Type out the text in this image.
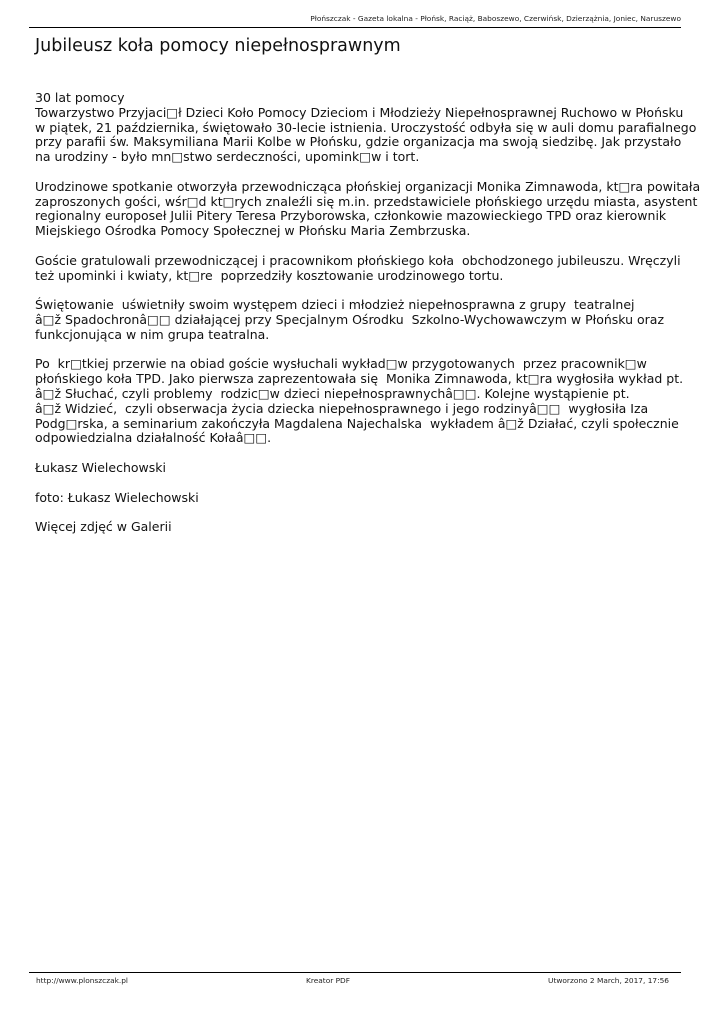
Płońszczak - Gazeta lokalna - Płońsk, Raciąż, Baboszewo, Czerwińsk, Dzierzążnia, Joniec, Naruszewo
Jubileusz koła pomocy niepełnosprawnym

30 lat pomocy
Towarzystwo Przyjaci□ł Dzieci Koło Pomocy Dzieciom i Młodzieży Niepełnosprawnej Ruchowo w Płońsku
w piątek, 21 października, świętowało 30-lecie istnienia. Uroczystość odbyła się w auli domu parafialnego
przy parafii św. Maksymiliana Marii Kolbe w Płońsku, gdzie organizacja ma swoją siedzibę. Jak przystało
na urodziny - było mn□stwo serdeczności, upomink□w i tort.

Urodzinowe spotkanie otworzyła przewodnicząca płońskiej organizacji Monika Zimnawoda, kt□ra powitała
zaproszonych gości, wśr□d kt□rych znaleźli się m.in. przedstawiciele płońskiego urzędu miasta, asystent
regionalny europoseł Julii Pitery Teresa Przyborowska, członkowie mazowieckiego TPD oraz kierownik
Miejskiego Ośrodka Pomocy Społecznej w Płońsku Maria Zembrzuska.

Goście gratulowali przewodniczącej i pracownikom płońskiego koła  obchodzonego jubileuszu. Wręczyli
też upominki i kwiaty, kt□re  poprzedziły kosztowanie urodzinowego tortu.

Świętowanie  uświetniły swoim występem dzieci i młodzież niepełnosprawna z grupy  teatralnej
â□ž Spadochronâ□□ działającej przy Specjalnym Ośrodku  Szkolno-Wychowawczym w Płońsku oraz
funkcjonująca w nim grupa teatralna.

Po  kr□tkiej przerwie na obiad goście wysłuchali wykład□w przygotowanych  przez pracownik□w
płońskiego koła TPD. Jako pierwsza zaprezentowała się  Monika Zimnawoda, kt□ra wygłosiła wykład pt.
â□ž Słuchać, czyli problemy  rodzic□w dzieci niepełnosprawnychâ□□. Kolejne wystąpienie pt.
â□ž Widzieć,  czyli obserwacja życia dziecka niepełnosprawnego i jego rodzinyâ□□  wygłosiła Iza
Podg□rska, a seminarium zakończyła Magdalena Najechalska  wykładem â□ž Działać, czyli społecznie
odpowiedzialna działalność Kołaâ□□.

Łukasz Wielechowski

foto: Łukasz Wielechowski

Więcej zdjęć w Galerii

http://www.plonszczak.pl	Kreator PDF	Utworzono 2 March, 2017, 17:56
